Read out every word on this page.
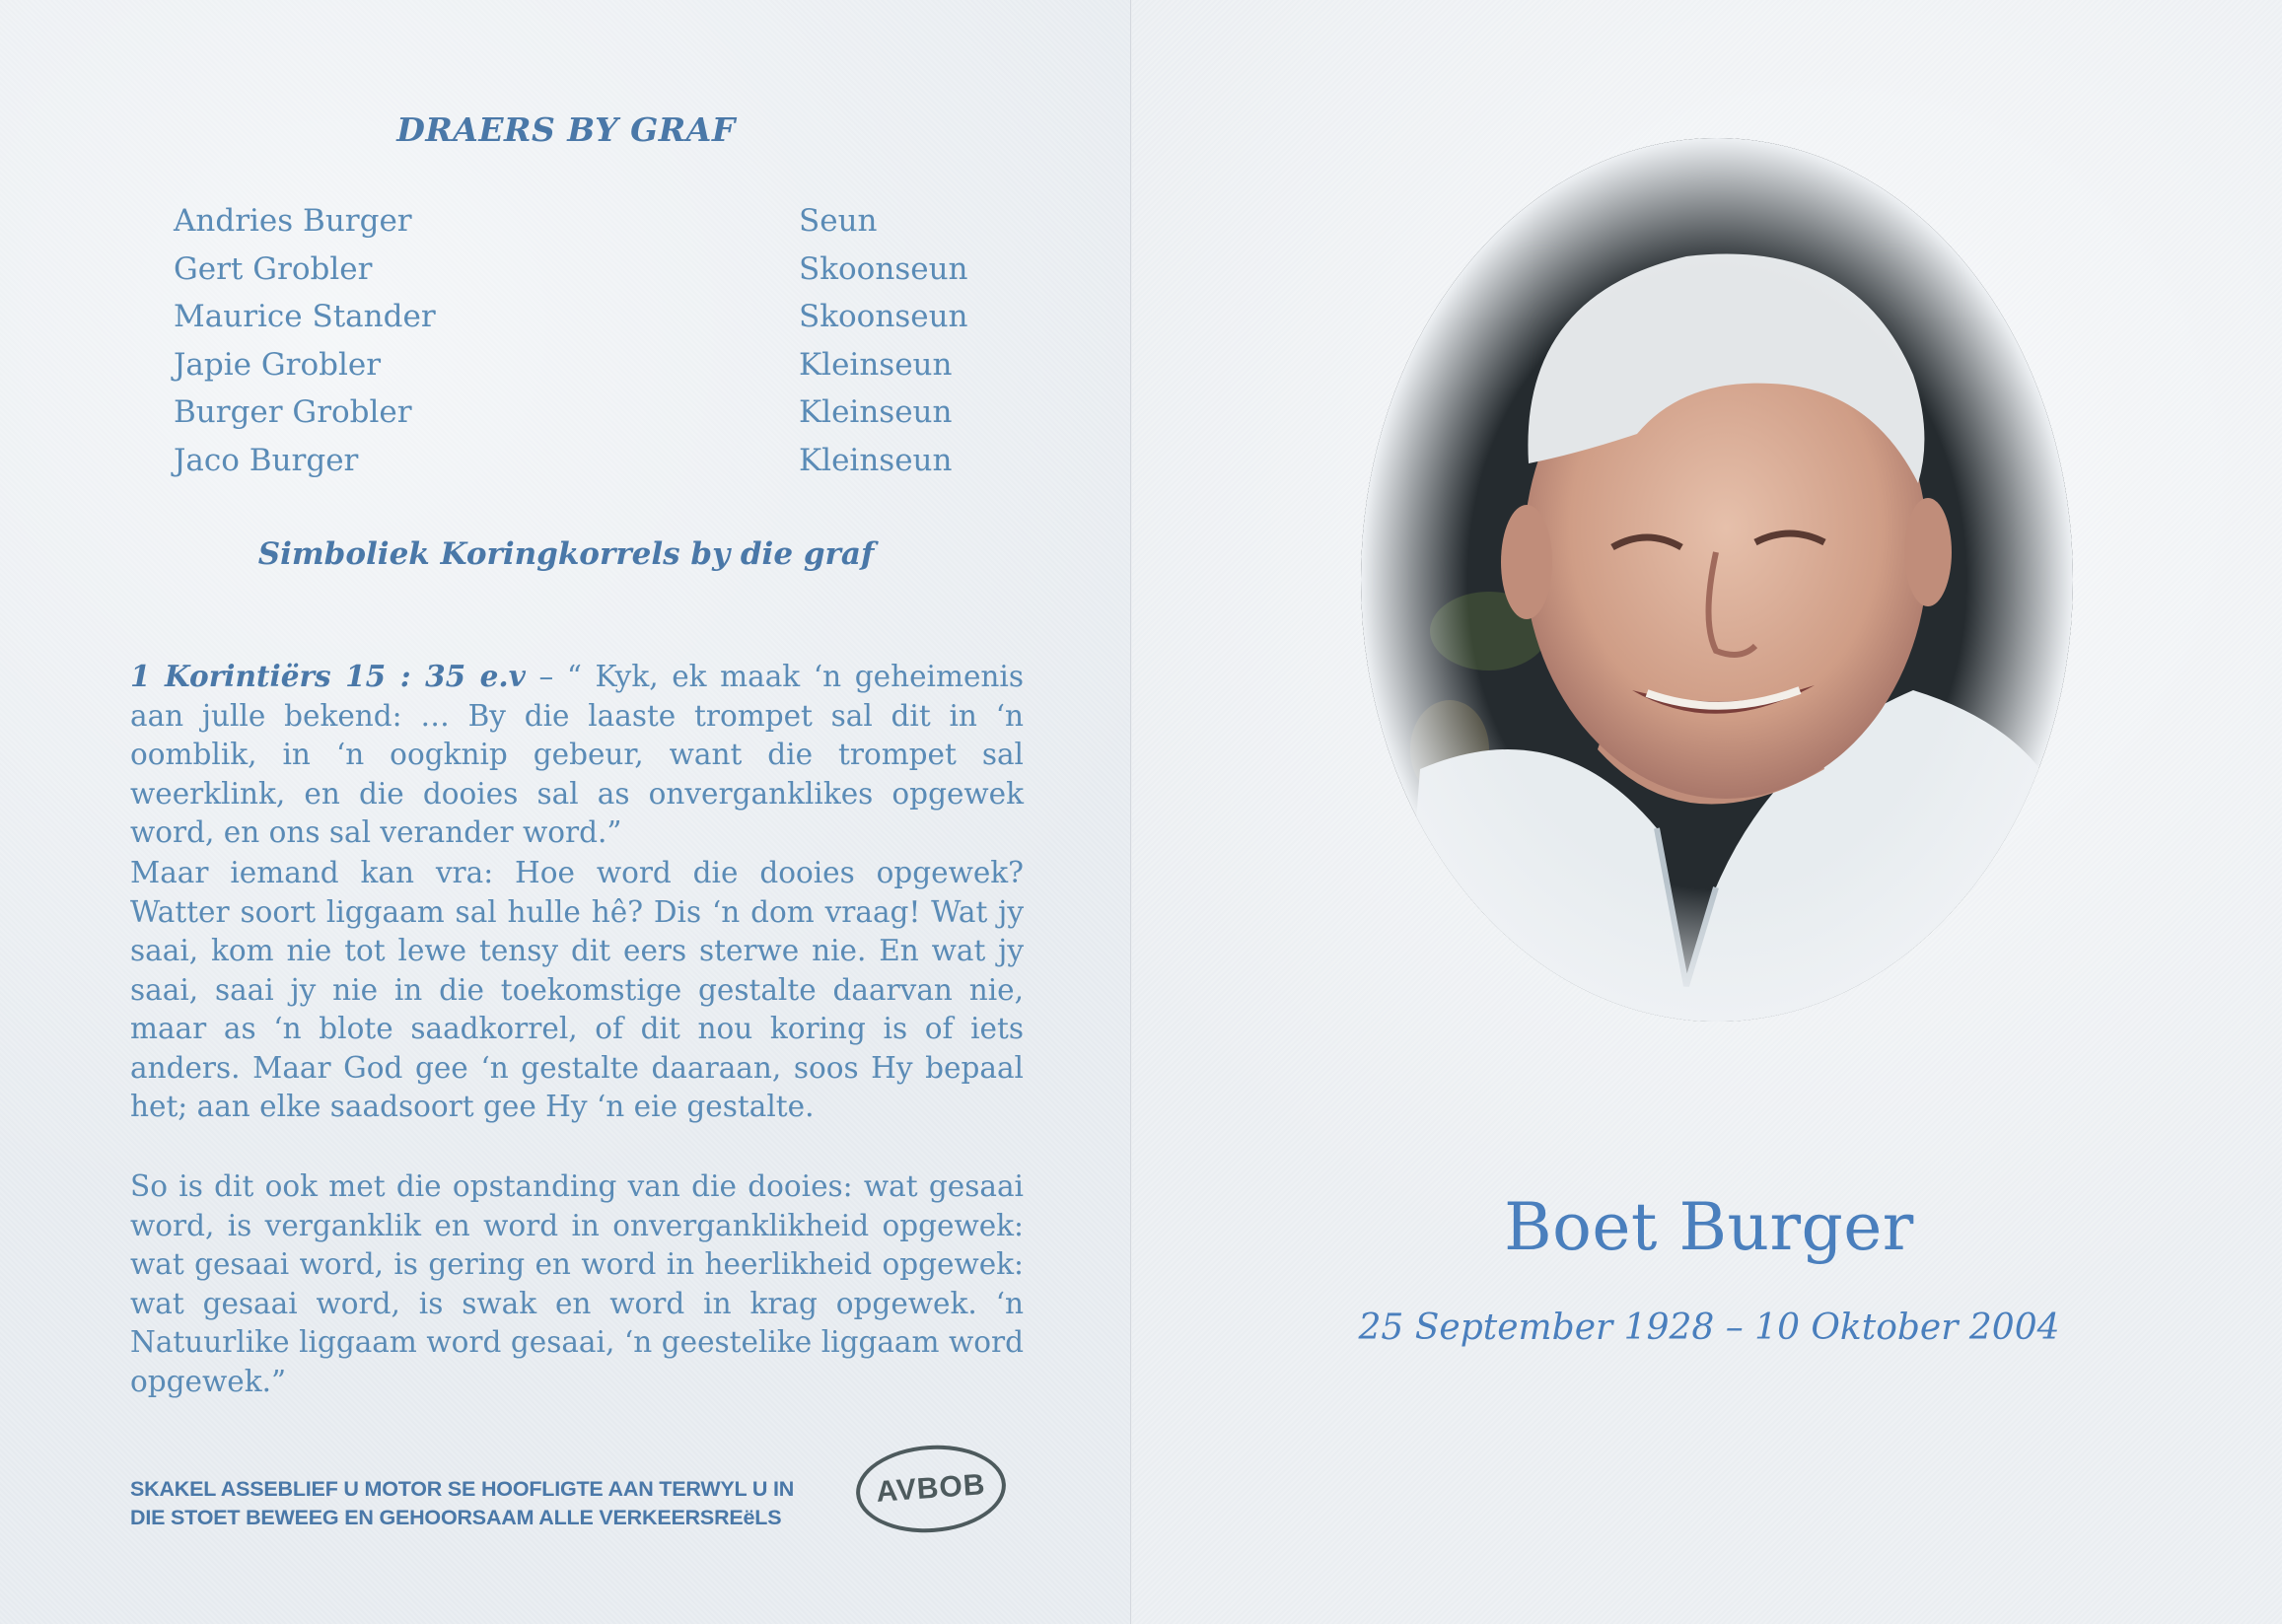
DRAERS BY GRAF
Andries Burger	Seun
Gert Grobler	Skoonseun
Maurice Stander	Skoonseun
Japie Grobler	Kleinseun
Burger Grobler	Kleinseun
Jaco Burger	Kleinseun
Simboliek Koringkorrels by die graf

1 Korintiërs 15 : 35 e.v – “ Kyk, ek maak ‘n geheimenis aan julle bekend: … By die laaste trompet sal dit in ‘n oomblik, in ‘n oogknip gebeur, want die trompet sal weerklink, en die dooies sal as onverganklikes opgewek word, en ons sal verander word.”

Maar iemand kan vra: Hoe word die dooies opgewek? Watter soort liggaam sal hulle hê? Dis ‘n dom vraag! Wat jy saai, kom nie tot lewe tensy dit eers sterwe nie. En wat jy saai, saai jy nie in die toekomstige gestalte daarvan nie, maar as ‘n blote saadkorrel, of dit nou koring is of iets anders. Maar God gee ‘n gestalte daaraan, soos Hy bepaal het; aan elke saadsoort gee Hy ‘n eie gestalte.

So is dit ook met die opstanding van die dooies: wat gesaai word, is verganklik en word in onverganklikheid opgewek: wat gesaai word, is gering en word in heerlikheid opgewek: wat gesaai word, is swak en word in krag opgewek. ‘n Natuurlike liggaam word gesaai, ‘n geestelike liggaam word opgewek.”

SKAKEL ASSEBLIEF U MOTOR SE HOOFLIGTE AAN TERWYL U IN
DIE STOET BEWEEG EN GEHOORSAAM ALLE VERKEERSREëLS
AVBOB
Boet Burger
25 September 1928 – 10 Oktober 2004
